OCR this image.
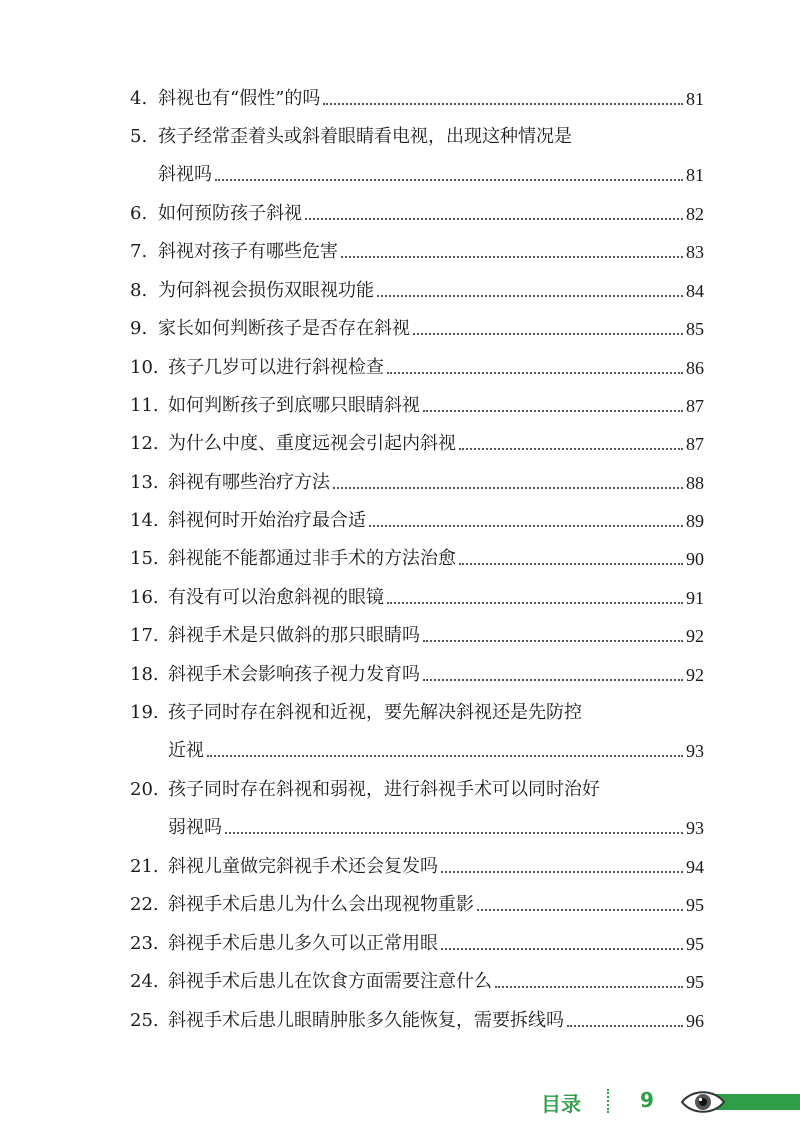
4. 斜视也有“假性”的吗	81
5. 孩子经常歪着头或斜着眼睛看电视，出现这种情况是
斜视吗	81
6. 如何预防孩子斜视	82
7. 斜视对孩子有哪些危害	83
8. 为何斜视会损伤双眼视功能	84
9. 家长如何判断孩子是否存在斜视	85
10. 孩子几岁可以进行斜视检查	86
11. 如何判断孩子到底哪只眼睛斜视	87
12. 为什么中度、重度远视会引起内斜视	87
13. 斜视有哪些治疗方法	88
14. 斜视何时开始治疗最合适	89
15. 斜视能不能都通过非手术的方法治愈	90
16. 有没有可以治愈斜视的眼镜	91
17. 斜视手术是只做斜的那只眼睛吗	92
18. 斜视手术会影响孩子视力发育吗	92
19. 孩子同时存在斜视和近视，要先解决斜视还是先防控
近视	93
20. 孩子同时存在斜视和弱视，进行斜视手术可以同时治好
弱视吗	93
21. 斜视儿童做完斜视手术还会复发吗	94
22. 斜视手术后患儿为什么会出现视物重影	95
23. 斜视手术后患儿多久可以正常用眼	95
24. 斜视手术后患儿在饮食方面需要注意什么	95
25. 斜视手术后患儿眼睛肿胀多久能恢复，需要拆线吗	96
目录	9
